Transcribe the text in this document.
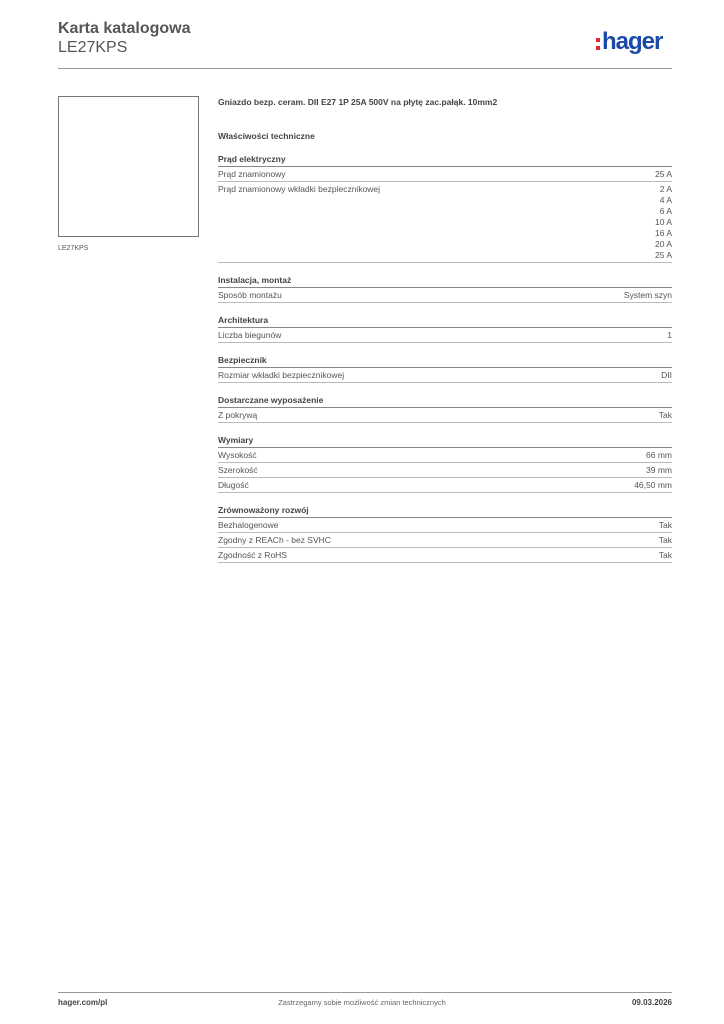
Karta katalogowa
LE27KPS	hager
LE27KPS
Gniazdo bezp. ceram. DII E27 1P 25A 500V na płytę zac.pałąk. 10mm2
Właściwości techniczne
Prąd elektryczny
Prąd znamionowy	25 A
Prąd znamionowy wkładki bezpiecznikowej	2 A
4 A
6 A
10 A
16 A
20 A
25 A
Instalacja, montaż
Sposób montażu	System szyn
Architektura
Liczba biegunów	1
Bezpiecznik
Rozmiar wkładki bezpiecznikowej	DII
Dostarczane wyposażenie
Z pokrywą	Tak
Wymiary
Wysokość	66 mm
Szerokość	39 mm
Długość	46,50 mm
Zrównoważony rozwój
Bezhalogenowe	Tak
Zgodny z REACh - bez SVHC	Tak
Zgodność z RoHS	Tak
hager.com/pl	Zastrzegamy sobie możliwość zmian technicznych	09.03.2026
